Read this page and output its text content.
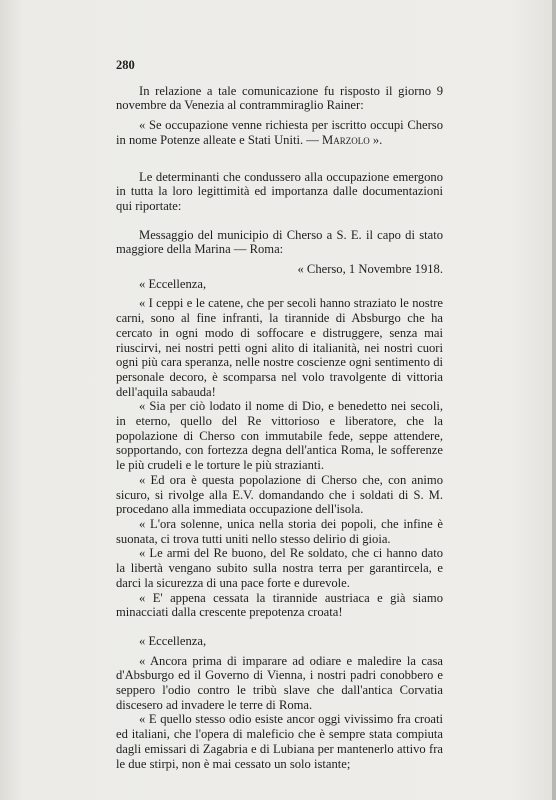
280

In relazione a tale comunicazione fu risposto il giorno 9 novembre da Venezia al contrammiraglio Rainer:

« Se occupazione venne richiesta per iscritto occupi Cherso in nome Potenze alleate e Stati Uniti. — Marzolo ».

Le determinanti che condussero alla occupazione emergono in tutta la loro legittimità ed importanza dalle documentazioni qui riportate:

Messaggio del municipio di Cherso a S. E. il capo di stato maggiore della Marina — Roma:

« Cherso, 1 Novembre 1918.

« Eccellenza,

« I ceppi e le catene, che per secoli hanno straziato le nostre carni, sono al fine infranti, la tirannide di Absburgo che ha cercato in ogni modo di soffocare e distruggere, senza mai riuscirvi, nei nostri petti ogni alito di italianità, nei nostri cuori ogni più cara speranza, nelle nostre coscienze ogni sentimento di personale decoro, è scomparsa nel volo travolgente di vittoria dell'aquila sabauda!

« Sia per ciò lodato il nome di Dio, e benedetto nei secoli, in eterno, quello del Re vittorioso e liberatore, che la popolazione di Cherso con immutabile fede, seppe attendere, sopportando, con fortezza degna dell'antica Roma, le sofferenze le più crudeli e le torture le più strazianti.

« Ed ora è questa popolazione di Cherso che, con animo sicuro, si rivolge alla E.V. domandando che i soldati di S. M. procedano alla immediata occupazione dell'isola.

« L'ora solenne, unica nella storia dei popoli, che infine è suonata, ci trova tutti uniti nello stesso delirio di gioia.

« Le armi del Re buono, del Re soldato, che ci hanno dato la libertà vengano subito sulla nostra terra per garantircela, e darci la sicurezza di una pace forte e durevole.

« E' appena cessata la tirannide austriaca e già siamo minacciati dalla crescente prepotenza croata!

« Eccellenza,

« Ancora prima di imparare ad odiare e maledire la casa d'Absburgo ed il Governo di Vienna, i nostri padri conobbero e seppero l'odio contro le tribù slave che dall'antica Corvatia discesero ad invadere le terre di Roma.

« E quello stesso odio esiste ancor oggi vivissimo fra croati ed italiani, che l'opera di maleficio che è sempre stata compiuta dagli emissari di Zagabria e di Lubiana per mantenerlo attivo fra le due stirpi, non è mai cessato un solo istante;
